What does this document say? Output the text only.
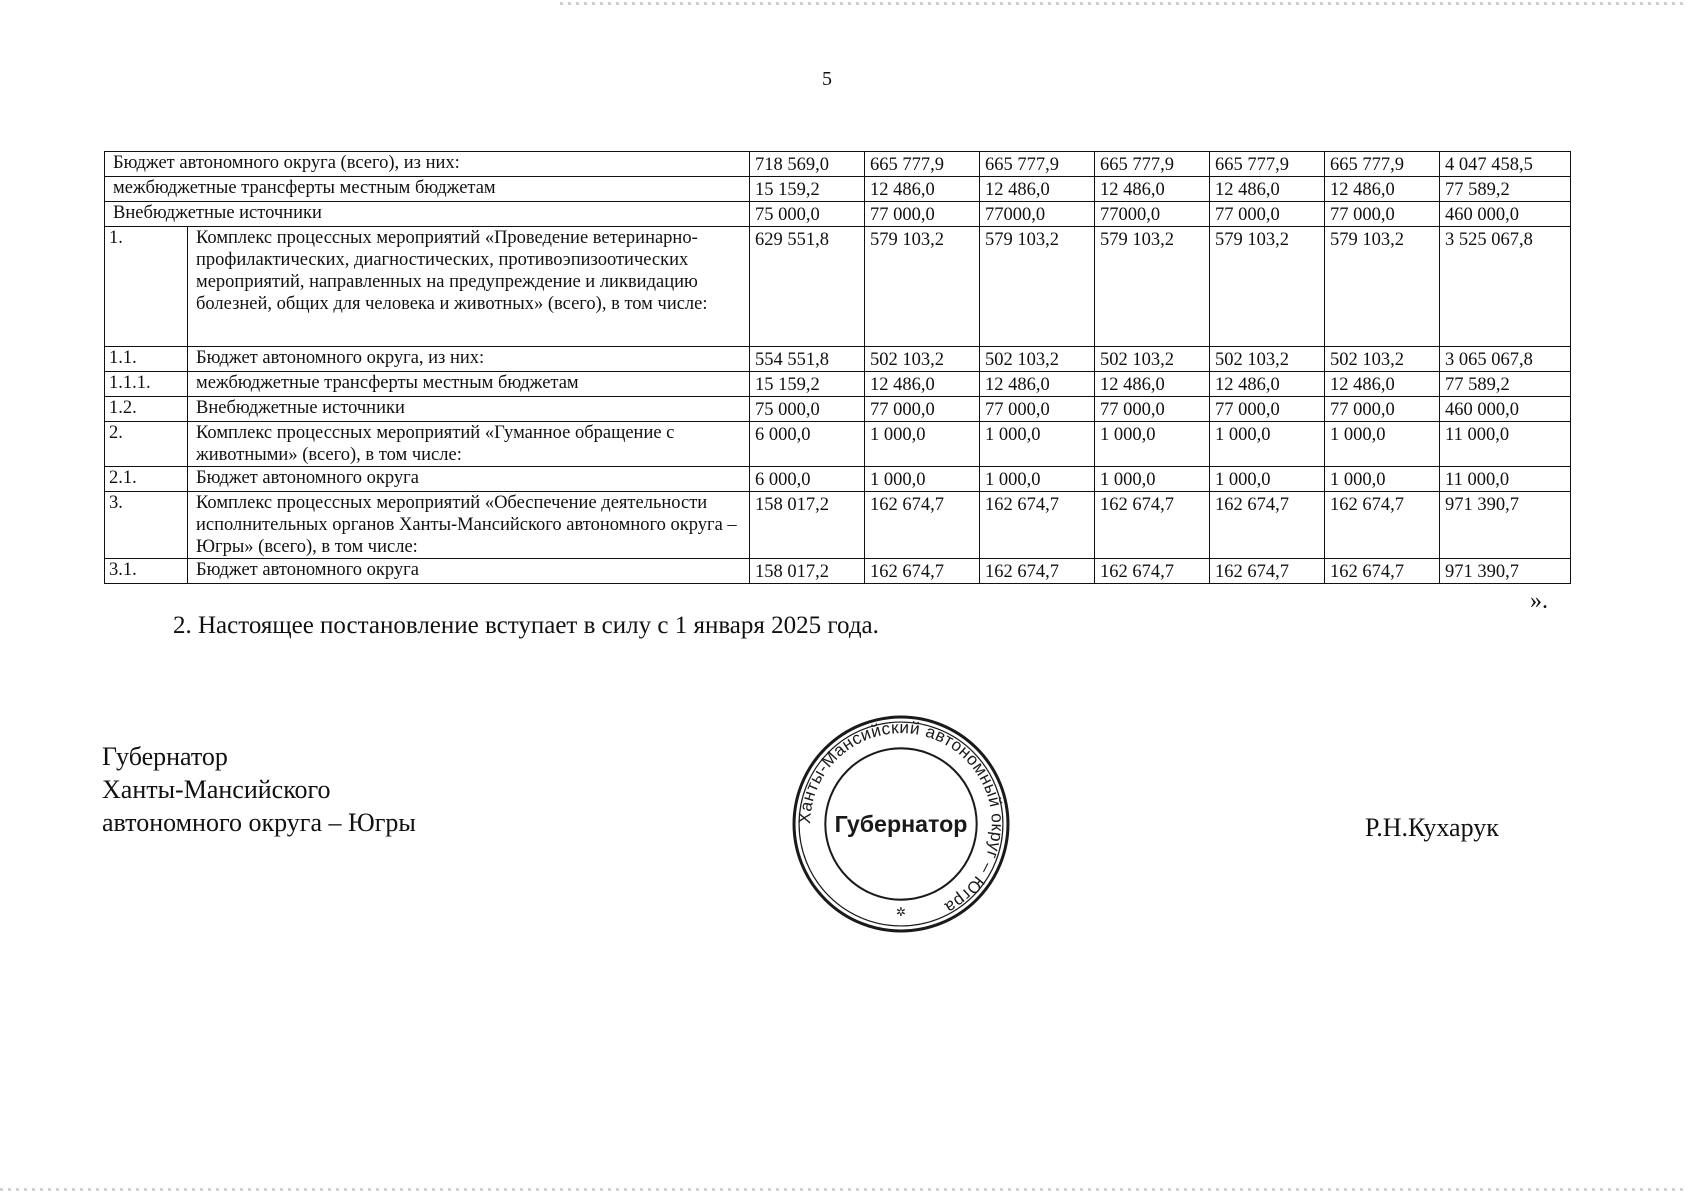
5
Бюджет автономного округа (всего), из них:		718 569,0	665 777,9	665 777,9	665 777,9	665 777,9	665 777,9	4 047 458,5
межбюджетные трансферты местным бюджетам		15 159,2	12 486,0	12 486,0	12 486,0	12 486,0	12 486,0	77 589,2
Внебюджетные источники		75 000,0	77 000,0	77000,0	77000,0	77 000,0	77 000,0	460 000,0
1.	Комплекс процессных мероприятий «Проведение ветеринарно-профилактических, диагностических, противоэпизоотических мероприятий, направленных на предупреждение и ликвидацию болезней, общих для человека и животных» (всего), в том числе:	629 551,8	579 103,2	579 103,2	579 103,2	579 103,2	579 103,2	3 525 067,8
1.1.	Бюджет автономного округа, из них:	554 551,8	502 103,2	502 103,2	502 103,2	502 103,2	502 103,2	3 065 067,8
1.1.1.	межбюджетные трансферты местным бюджетам	15 159,2	12 486,0	12 486,0	12 486,0	12 486,0	12 486,0	77 589,2
1.2.	Внебюджетные источники	75 000,0	77 000,0	77 000,0	77 000,0	77 000,0	77 000,0	460 000,0
2.	Комплекс процессных мероприятий «Гуманное обращение с животными» (всего), в том числе:	6 000,0	1 000,0	1 000,0	1 000,0	1 000,0	1 000,0	11 000,0
2.1.	Бюджет автономного округа	6 000,0	1 000,0	1 000,0	1 000,0	1 000,0	1 000,0	11 000,0
3.	Комплекс процессных мероприятий «Обеспечение деятельности исполнительных органов Ханты-Мансийского автономного округа – Югры» (всего), в том числе:	158 017,2	162 674,7	162 674,7	162 674,7	162 674,7	162 674,7	971 390,7
3.1.	Бюджет автономного округа	158 017,2	162 674,7	162 674,7	162 674,7	162 674,7	162 674,7	971 390,7
».
2. Настоящее постановление вступает в силу с 1 января 2025 года.
Губернатор
Ханты-Мансийского
автономного округа – Югры	Ханты-Мансийский автономный округ – Югра
Губернатор
✲
Р.Н.Кухарук
